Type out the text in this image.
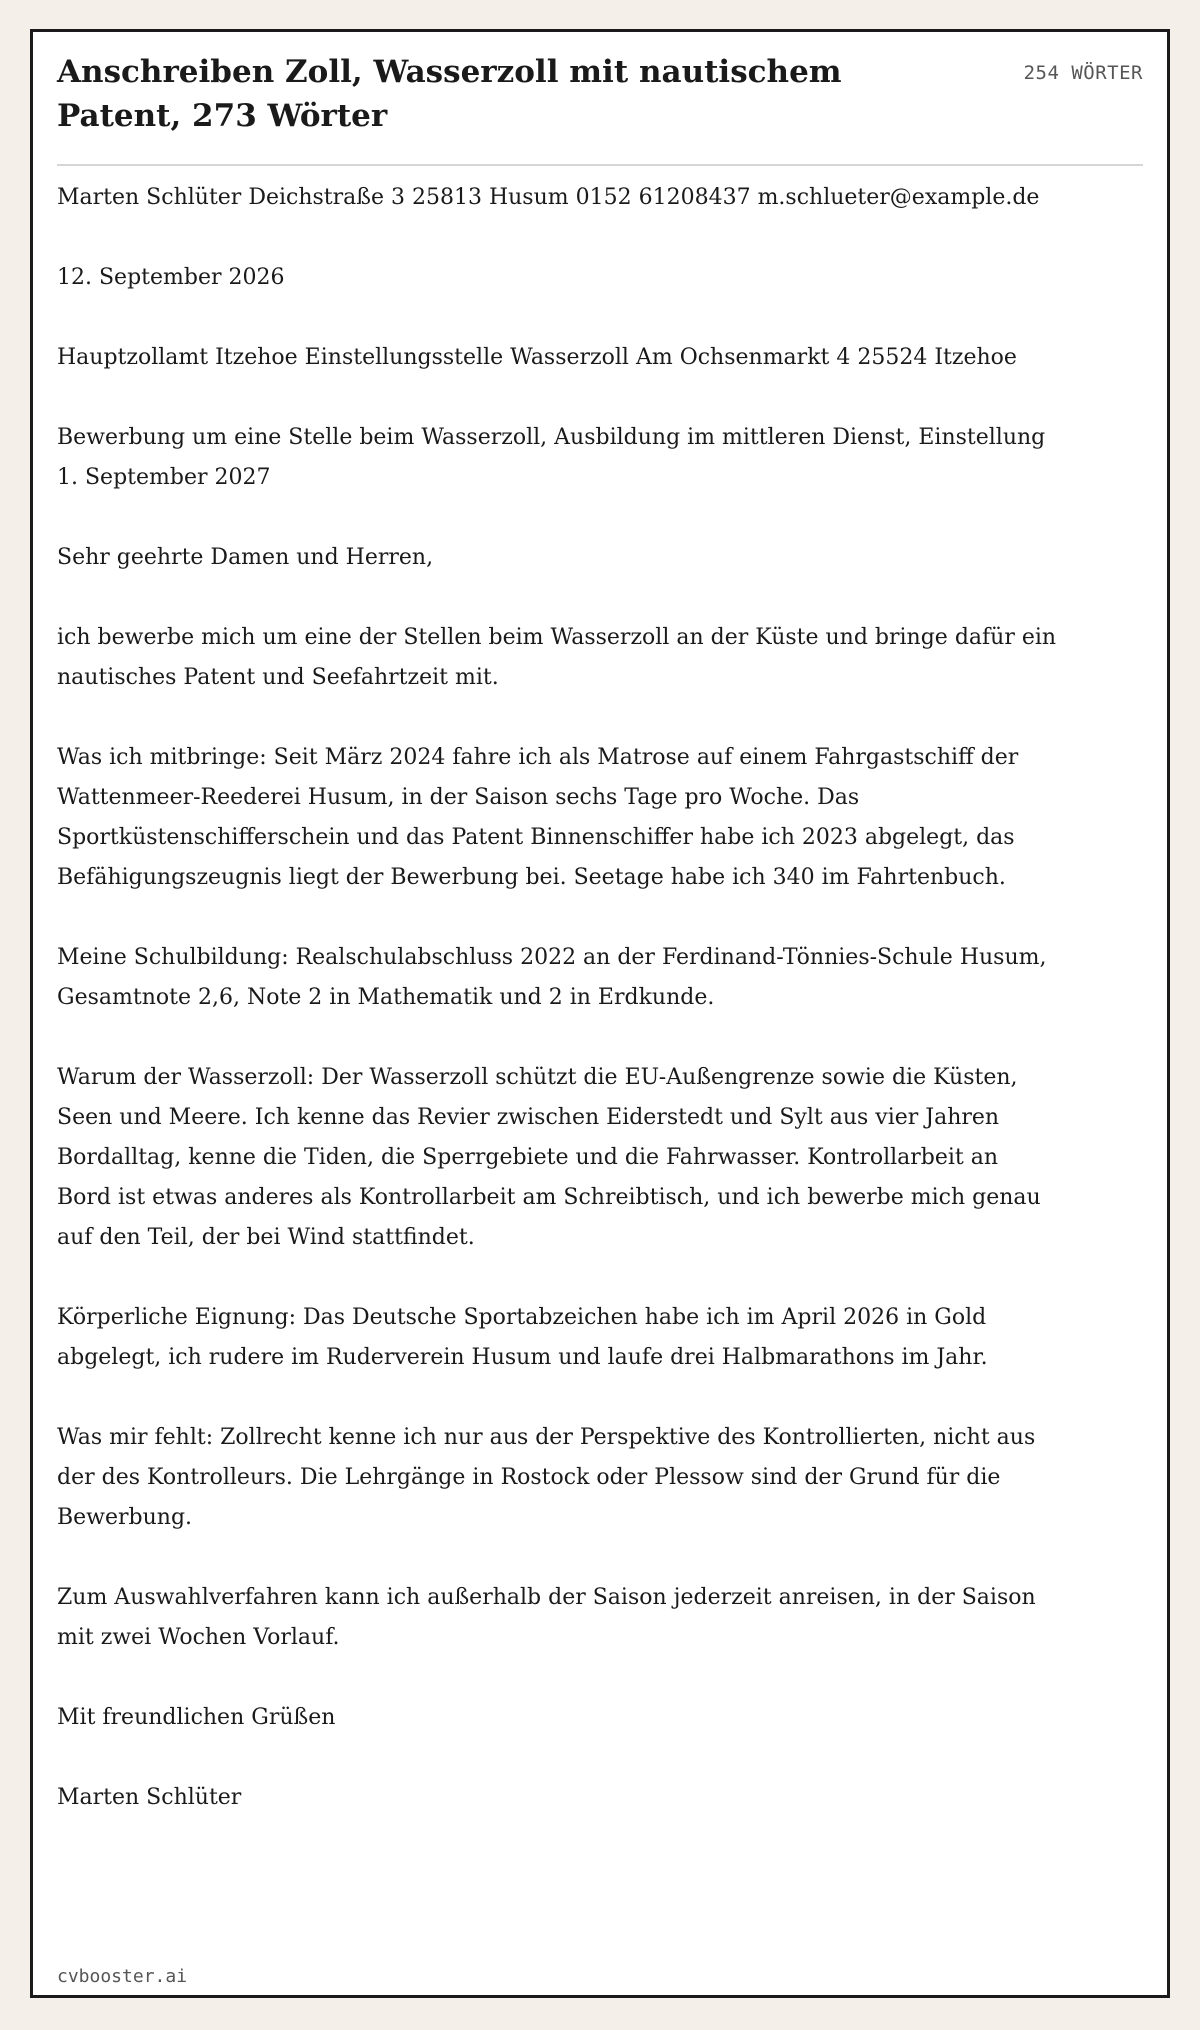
Anschreiben Zoll, Wasserzoll mit nautischem Patent, 273 Wörter
254 WÖRTER

Marten Schlüter Deichstraße 3 25813 Husum 0152 61208437 m.schlueter@example.de

12. September 2026

Hauptzollamt Itzehoe Einstellungsstelle Wasserzoll Am Ochsenmarkt 4 25524 Itzehoe

Bewerbung um eine Stelle beim Wasserzoll, Ausbildung im mittleren Dienst, Einstellung 1. September 2027

Sehr geehrte Damen und Herren,

ich bewerbe mich um eine der Stellen beim Wasserzoll an der Küste und bringe dafür ein nautisches Patent und Seefahrtzeit mit.

Was ich mitbringe: Seit März 2024 fahre ich als Matrose auf einem Fahrgastschiff der Wattenmeer-Reederei Husum, in der Saison sechs Tage pro Woche. Das Sportküstenschifferschein und das Patent Binnenschiffer habe ich 2023 abgelegt, das Befähigungszeugnis liegt der Bewerbung bei. Seetage habe ich 340 im Fahrtenbuch.

Meine Schulbildung: Realschulabschluss 2022 an der Ferdinand-Tönnies-Schule Husum, Gesamtnote 2,6, Note 2 in Mathematik und 2 in Erdkunde.

Warum der Wasserzoll: Der Wasserzoll schützt die EU-Außengrenze sowie die Küsten, Seen und Meere. Ich kenne das Revier zwischen Eiderstedt und Sylt aus vier Jahren Bordalltag, kenne die Tiden, die Sperrgebiete und die Fahrwasser. Kontrollarbeit an Bord ist etwas anderes als Kontrollarbeit am Schreibtisch, und ich bewerbe mich genau auf den Teil, der bei Wind stattfindet.

Körperliche Eignung: Das Deutsche Sportabzeichen habe ich im April 2026 in Gold abgelegt, ich rudere im Ruderverein Husum und laufe drei Halbmarathons im Jahr.

Was mir fehlt: Zollrecht kenne ich nur aus der Perspektive des Kontrollierten, nicht aus der des Kontrolleurs. Die Lehrgänge in Rostock oder Plessow sind der Grund für die Bewerbung.

Zum Auswahlverfahren kann ich außerhalb der Saison jederzeit anreisen, in der Saison mit zwei Wochen Vorlauf.

Mit freundlichen Grüßen

Marten Schlüter

cvbooster.ai
